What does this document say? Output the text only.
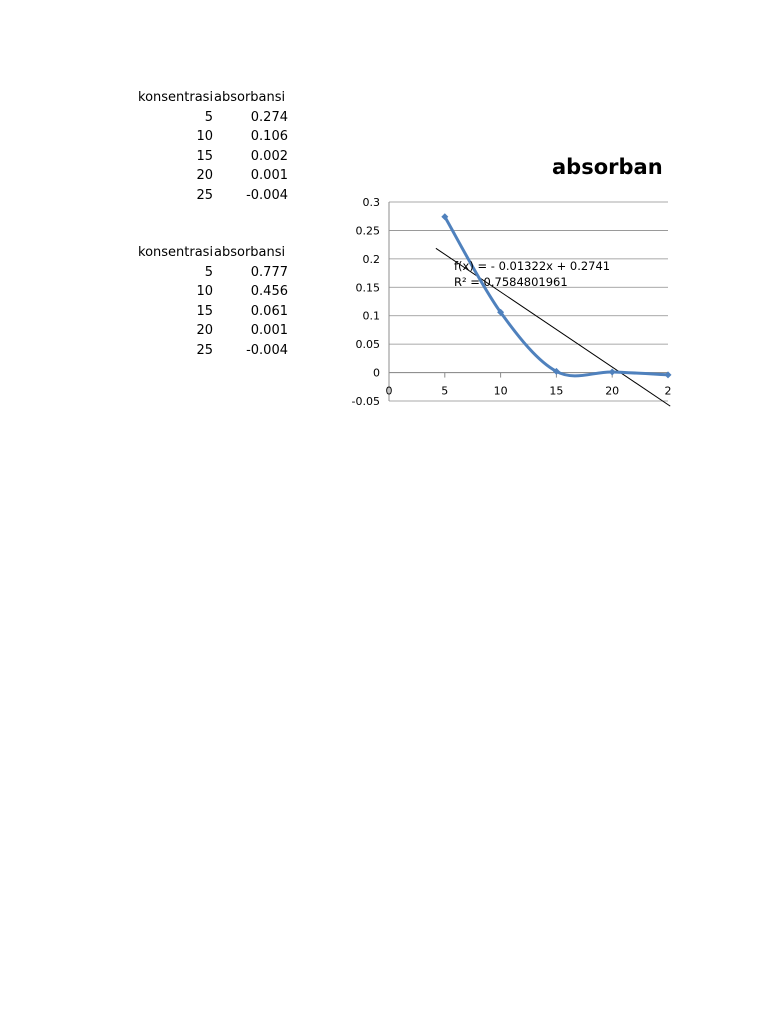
konsentrasi absorbansi
5	0.274
10	0.106
15	0.002
20	0.001
25	-0.004
konsentrasi absorbansi
5	0.777
10	0.456
15	0.061
20	0.001
25	-0.004
absorban
0.3
0.25
0.2
0.15
0.1
0.05
0
-0.05
0	5	10	15	20	2
f(x) = - 0.01322x + 0.2741
R² = 0.7584801961
